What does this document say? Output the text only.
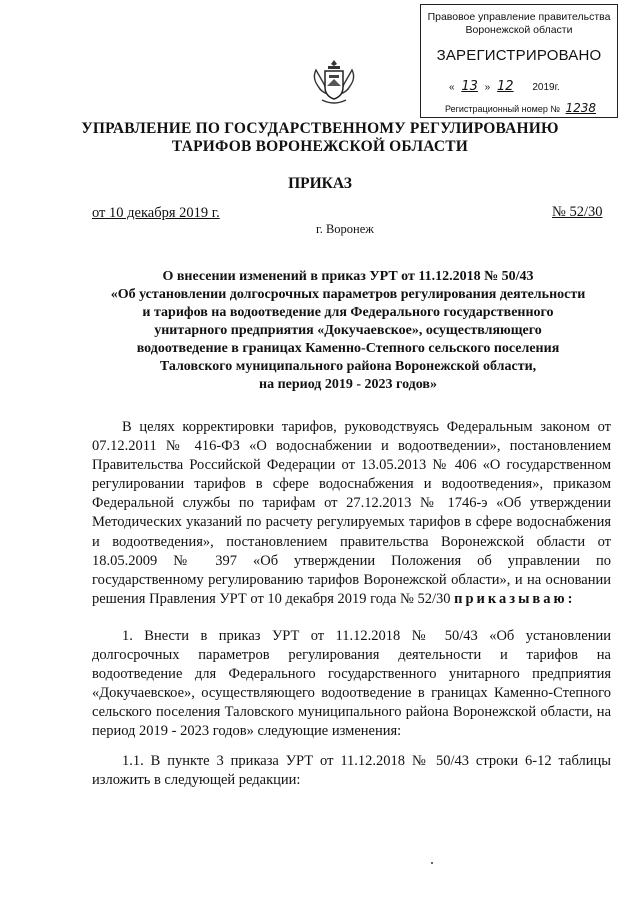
Правовое управление правительства
Воронежской области
ЗАРЕГИСТРИРОВАНО
« 13 » 12 2019г.
Регистрационный номер № 1238
УПРАВЛЕНИЕ ПО ГОСУДАРСТВЕННОМУ РЕГУЛИРОВАНИЮ
ТАРИФОВ ВОРОНЕЖСКОЙ ОБЛАСТИ
ПРИКАЗ
от 10 декабря 2019 г.	№ 52/30
г. Воронеж
О внесении изменений в приказ УРТ от 11.12.2018 № 50/43
«Об установлении долгосрочных параметров регулирования деятельности
и тарифов на водоотведение для Федерального государственного
унитарного предприятия «Докучаевское», осуществляющего
водоотведение в границах Каменно-Степного сельского поселения
Таловского муниципального района Воронежской области,
на период 2019 - 2023 годов»
В целях корректировки тарифов, руководствуясь Федеральным законом от 07.12.2011 № 416-ФЗ «О водоснабжении и водоотведении», постановлением Правительства Российской Федерации от 13.05.2013 № 406 «О государственном регулировании тарифов в сфере водоснабжения и водоотведения», приказом Федеральной службы по тарифам от 27.12.2013 № 1746-э «Об утверждении Методических указаний по расчету регулируемых тарифов в сфере водоснабжения и водоотведения», постановлением правительства Воронежской области от 18.05.2009 № 397 «Об утверждении Положения об управлении по государственному регулированию тарифов Воронежской области», и на основании решения Правления УРТ от 10 декабря 2019 года № 52/30 приказываю:
1. Внести в приказ УРТ от 11.12.2018 № 50/43 «Об установлении долгосрочных параметров регулирования деятельности и тарифов на водоотведение для Федерального государственного унитарного предприятия «Докучаевское», осуществляющего водоотведение в границах Каменно-Степного сельского поселения Таловского муниципального района Воронежской области, на период 2019 - 2023 годов» следующие изменения:
1.1. В пункте 3 приказа УРТ от 11.12.2018 № 50/43 строки 6-12 таблицы изложить в следующей редакции:
